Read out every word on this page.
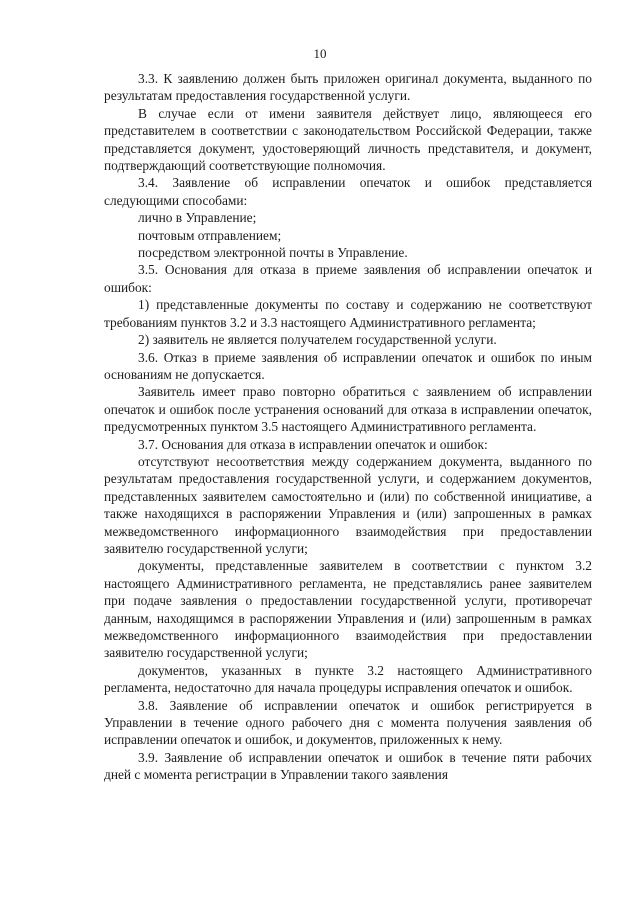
10

3.3. К заявлению должен быть приложен оригинал документа, выданного по результатам предоставления государственной услуги.

В случае если от имени заявителя действует лицо, являющееся его представителем в соответствии с законодательством Российской Федерации, также представляется документ, удостоверяющий личность представителя, и документ, подтверждающий соответствующие полномочия.

3.4. Заявление об исправлении опечаток и ошибок представляется следующими способами:

лично в Управление;

почтовым отправлением;

посредством электронной почты в Управление.

3.5. Основания для отказа в приеме заявления об исправлении опечаток и ошибок:

1) представленные документы по составу и содержанию не соответствуют требованиям пунктов 3.2 и 3.3 настоящего Административного регламента;

2) заявитель не является получателем государственной услуги.

3.6. Отказ в приеме заявления об исправлении опечаток и ошибок по иным основаниям не допускается.

Заявитель имеет право повторно обратиться с заявлением об исправлении опечаток и ошибок после устранения оснований для отказа в исправлении опечаток, предусмотренных пунктом 3.5 настоящего Административного регламента.

3.7. Основания для отказа в исправлении опечаток и ошибок:

отсутствуют несоответствия между содержанием документа, выданного по результатам предоставления государственной услуги, и содержанием документов, представленных заявителем самостоятельно и (или) по собственной инициативе, а также находящихся в распоряжении Управления и (или) запрошенных в рамках межведомственного информационного взаимодействия при предоставлении заявителю государственной услуги;

документы, представленные заявителем в соответствии с пунктом 3.2 настоящего Административного регламента, не представлялись ранее заявителем при подаче заявления о предоставлении государственной услуги, противоречат данным, находящимся в распоряжении Управления и (или) запрошенным в рамках межведомственного информационного взаимодействия при предоставлении заявителю государственной услуги;

документов, указанных в пункте 3.2 настоящего Административного регламента, недостаточно для начала процедуры исправления опечаток и ошибок.

3.8. Заявление об исправлении опечаток и ошибок регистрируется в Управлении в течение одного рабочего дня с момента получения заявления об исправлении опечаток и ошибок, и документов, приложенных к нему.

3.9. Заявление об исправлении опечаток и ошибок в течение пяти рабочих дней с момента регистрации в Управлении такого заявления
